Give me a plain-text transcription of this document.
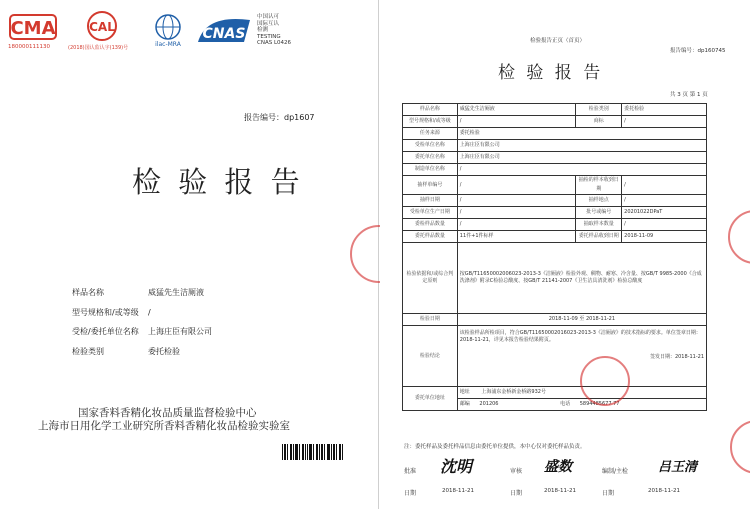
CMA
180000111130
CAL
(2018)国认监认字(139)号	ilac-MRA
CNAS
中国认可
国际互认
检测
TESTING
CNAS L0426
报告编号：dp1607
检 验 报 告
样品名称	威猛先生洁厕液
型号规格和/或等级 /
受检/委托单位名称 上海庄臣有限公司
检验类别	委托检验
国家香料香精化妆品质量监督检验中心
上海市日用化学工业研究所香料香精化妆品检验实验室
检验报告正页（首页）
报告编号：dp160745
检 验 报 告
共 3 页 第 1 页
样品名称	威猛先生洁厕液	检验类别	委托检验
型号规格和/或等级	/	商标	/
任务来源	委托检验		
受检单位名称	上海庄臣有限公司		
委托单位名称	上海庄臣有限公司		
制造单位名称	/		
抽样单编号	/	抽检的样本收到日期	/
抽样日期	/	抽样地点	/
受检单位生产日期	/	批号或编号	20201022DPaT
委检样品数量	/	抽取样本数量	/
委托样品数量	11件+1件标样	委托样品收到日期	2018-11-09
检验依据和/或综合判定原则	按GB/T11650002006023-2013-3《洁厕液》检验外观、稠物、耐寒、冷含量、按GB/T 9985-2000《合成洗涤剂》附录C检验总酸度、按GB/T 21141-2007《卫生洁具清洗剂》检验总酸度		
检验日期	2018-11-09 至 2018-11-21		
检验结论	该检验样品所检项目，符合GB/T11650002016023-2013-3《洁厕液》的技术指标的要求。单位签章日期：2018-11-21，详见本报告检验结果附页。
签发日期：2018-11-21		

委托单位地址	地址 上海浦东金桥新金桥路932号		
	邮编 201206 电话 5894485677 77		
注：委托样品及委托样品信息由委托单位提供，本中心仅对委托样品负责。
批准 沈明
日期	2018-11-21
审核 盛数
日期	2018-11-21
编制/主检 吕王清
日期	2018-11-21
